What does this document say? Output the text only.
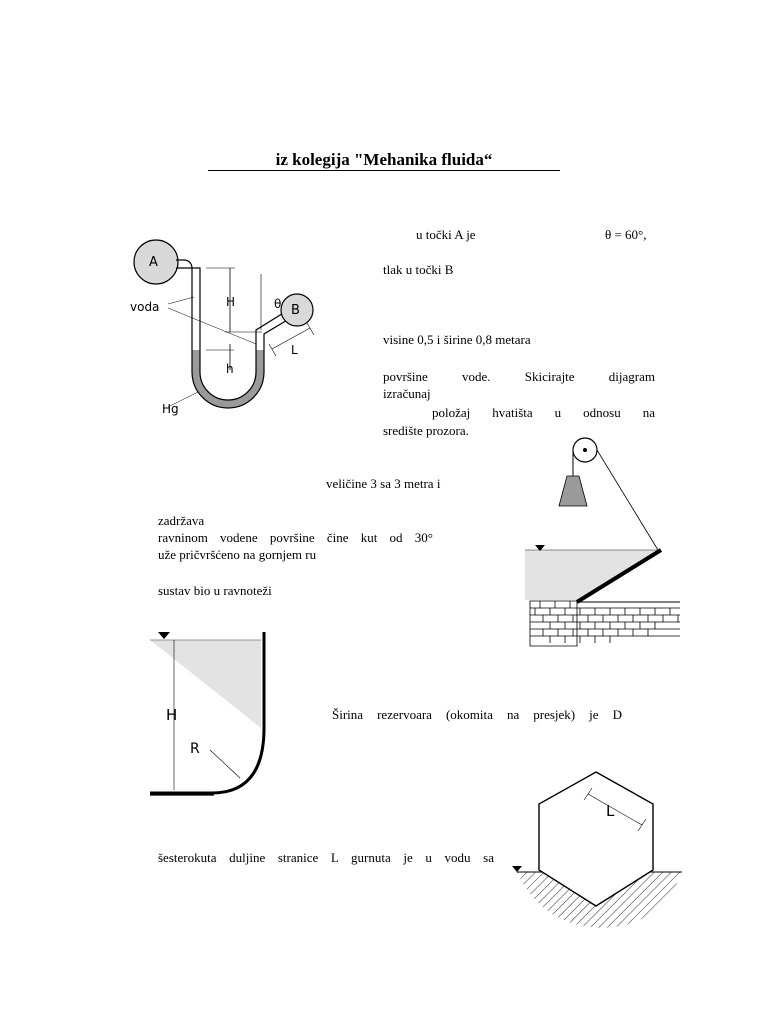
iz kolegija "Mehanika fluida“
u točki A je	θ = 60°,
tlak u točki B
visine 0,5 i širine 0,8 metara
površine vode. Skicirajte dijagram
izračunaj
položaj hvatišta u odnosu na
središte prozora.
veličine 3 sa 3 metra i
zadržava
ravninom vodene površine čine kut od 30°
uže pričvršćeno na gornjem ru
sustav bio u ravnoteži
Širina rezervoara (okomita na presjek) je D
šesterokuta duljine stranice L gurnuta je u vodu sa
A
B
H
h
θ
L
voda
Hg
H
R
L
